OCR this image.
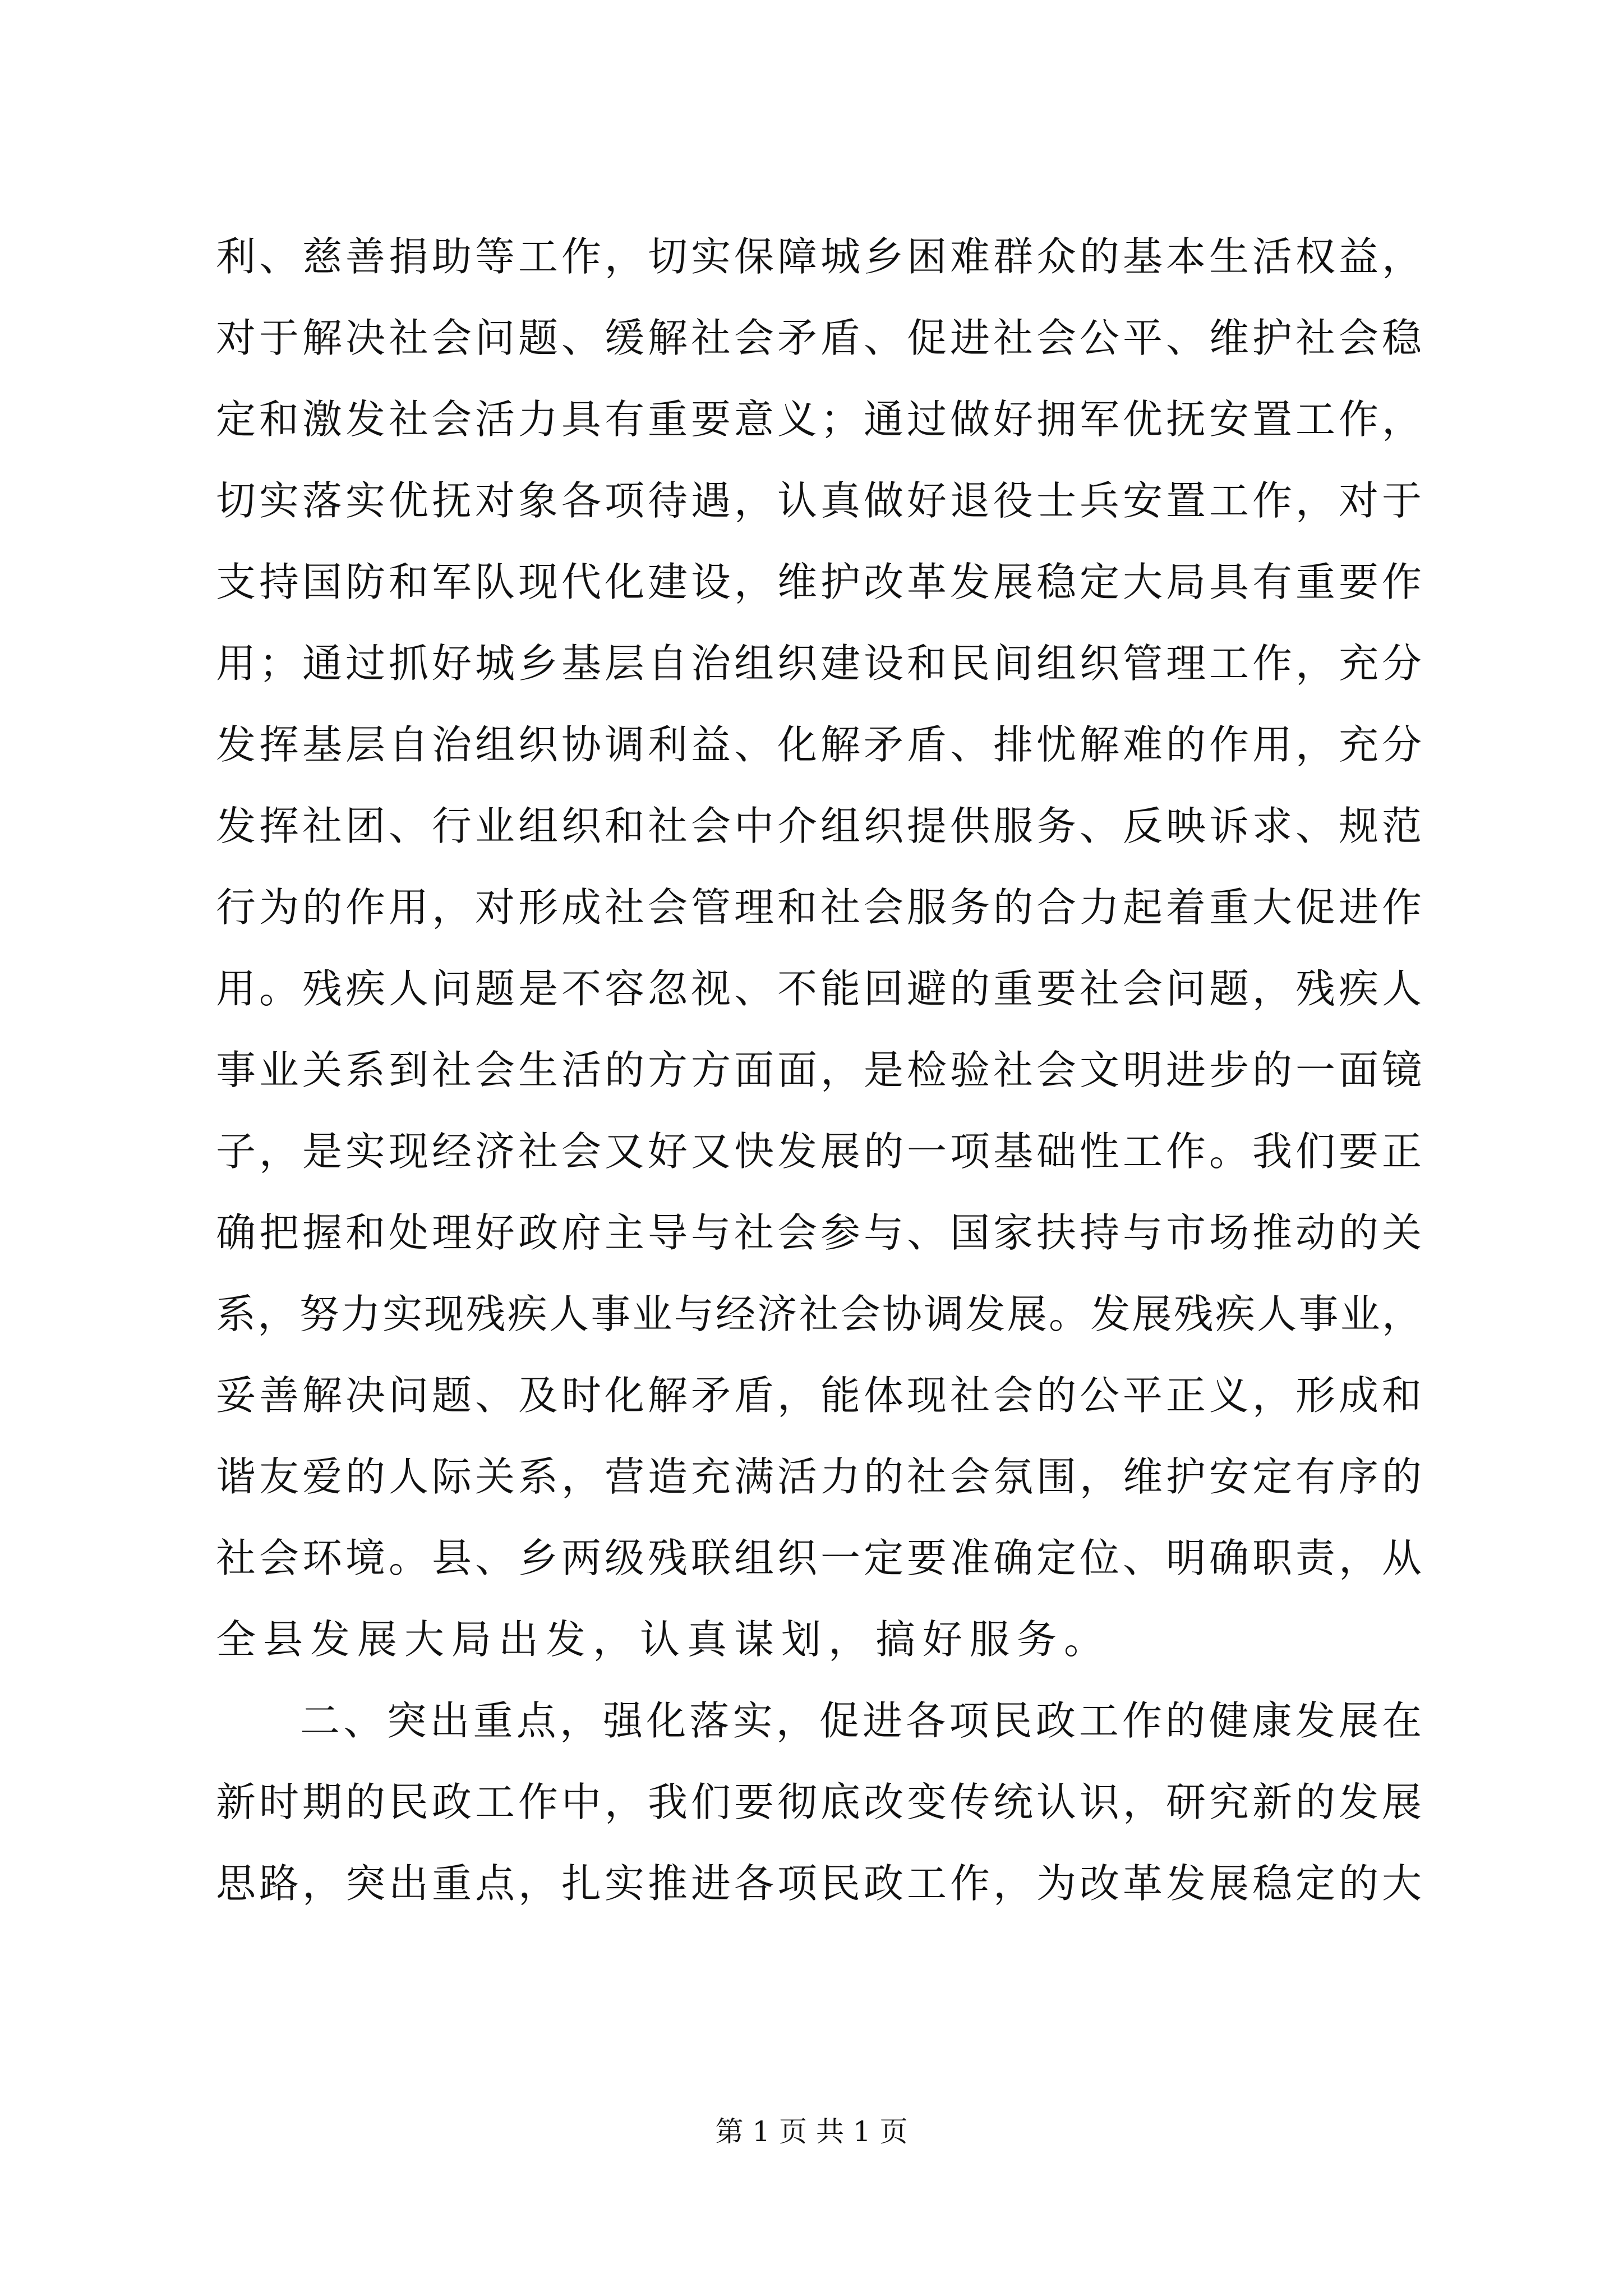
利、慈善捐助等工作，切实保障城乡困难群众的基本生活权益，
对于解决社会问题、缓解社会矛盾、促进社会公平、维护社会稳
定和激发社会活力具有重要意义；通过做好拥军优抚安置工作，
切实落实优抚对象各项待遇，认真做好退役士兵安置工作，对于
支持国防和军队现代化建设，维护改革发展稳定大局具有重要作
用；通过抓好城乡基层自治组织建设和民间组织管理工作，充分
发挥基层自治组织协调利益、化解矛盾、排忧解难的作用，充分
发挥社团、行业组织和社会中介组织提供服务、反映诉求、规范
行为的作用，对形成社会管理和社会服务的合力起着重大促进作
用。残疾人问题是不容忽视、不能回避的重要社会问题，残疾人
事业关系到社会生活的方方面面，是检验社会文明进步的一面镜
子，是实现经济社会又好又快发展的一项基础性工作。我们要正
确把握和处理好政府主导与社会参与、国家扶持与市场推动的关
系，努力实现残疾人事业与经济社会协调发展。发展残疾人事业，
妥善解决问题、及时化解矛盾，能体现社会的公平正义，形成和
谐友爱的人际关系，营造充满活力的社会氛围，维护安定有序的
社会环境。县、乡两级残联组织一定要准确定位、明确职责，从
全县发展大局出发，认真谋划，搞好服务。
二、突出重点，强化落实，促进各项民政工作的健康发展在
新时期的民政工作中，我们要彻底改变传统认识，研究新的发展
思路，突出重点，扎实推进各项民政工作，为改革发展稳定的大
第 1 页 共 1 页
